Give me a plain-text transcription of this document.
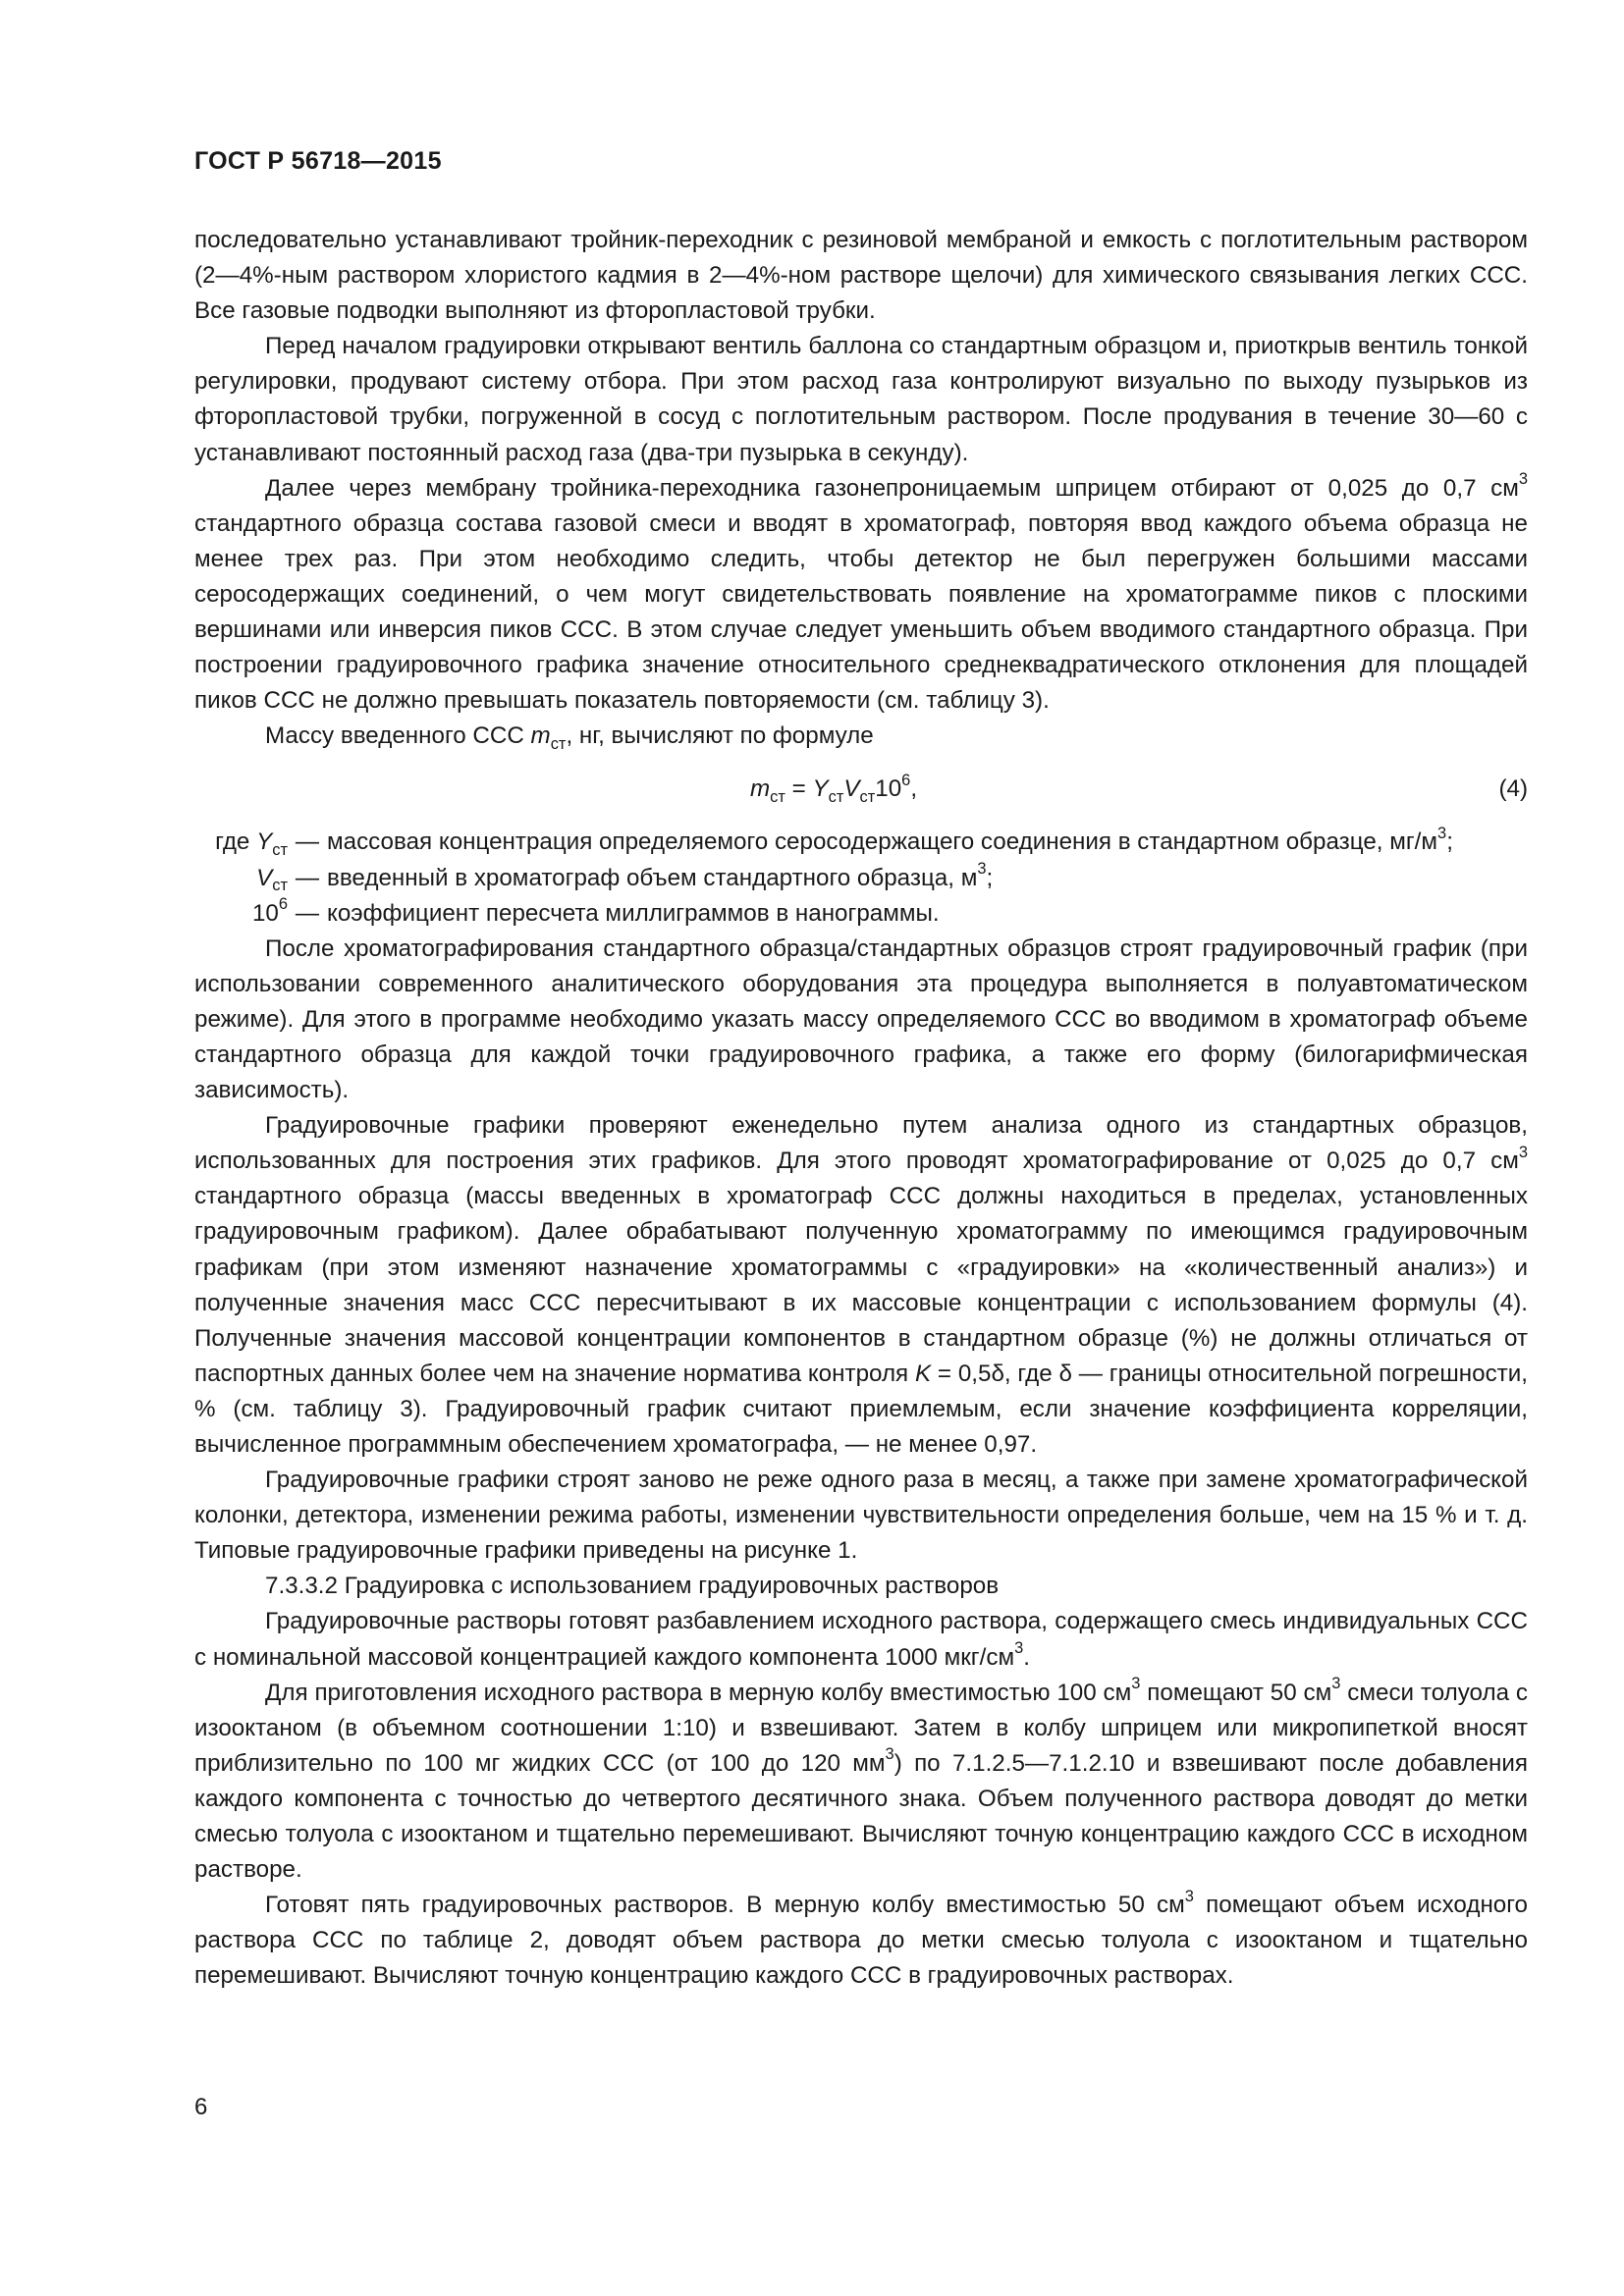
ГОСТ Р 56718—2015

последовательно устанавливают тройник-переходник с резиновой мембраной и емкость с поглотительным раствором (2—4%-ным раствором хлористого кадмия в 2—4%-ном растворе щелочи) для химического связывания легких ССС. Все газовые подводки выполняют из фторопластовой трубки.

Перед началом градуировки открывают вентиль баллона со стандартным образцом и, приоткрыв вентиль тонкой регулировки, продувают систему отбора. При этом расход газа контролируют визуально по выходу пузырьков из фторопластовой трубки, погруженной в сосуд с поглотительным раствором. После продувания в течение 30—60 с устанавливают постоянный расход газа (два-три пузырька в секунду).

Далее через мембрану тройника-переходника газонепроницаемым шприцем отбирают от 0,025 до 0,7 $см^3$ стандартного образца состава газовой смеси и вводят в хроматограф, повторяя ввод каждого объема образца не менее трех раз. При этом необходимо следить, чтобы детектор не был перегружен большими массами серосодержащих соединений, о чем могут свидетельствовать появление на хроматограмме пиков с плоскими вершинами или инверсия пиков ССС. В этом случае следует уменьшить объем вводимого стандартного образца. При построении градуировочного графика значение относительного среднеквадратического отклонения для площадей пиков ССС не должно превышать показатель повторяемости (см. таблицу 3).

Массу введенного ССС $m_{ст}$, нг, вычисляют по формуле

$m_{ст} = Y_{ст}V_{ст}10^6$,	(4)
где $Y_{ст}$ — массовая концентрация определяемого серосодержащего соединения в стандартном образце, $мг/м^3$;
$V_{ст}$ — введенный в хроматограф объем стандартного образца, $м^3$;
$10^6$ — коэффициент пересчета миллиграммов в нанограммы.

После хроматографирования стандартного образца/стандартных образцов строят градуировочный график (при использовании современного аналитического оборудования эта процедура выполняется в полуавтоматическом режиме). Для этого в программе необходимо указать массу определяемого ССС во вводимом в хроматограф объеме стандартного образца для каждой точки градуировочного графика, а также его форму (билогарифмическая зависимость).

Градуировочные графики проверяют еженедельно путем анализа одного из стандартных образцов, использованных для построения этих графиков. Для этого проводят хроматографирование от 0,025 до 0,7 $см^3$ стандартного образца (массы введенных в хроматограф ССС должны находиться в пределах, установленных градуировочным графиком). Далее обрабатывают полученную хроматограмму по имеющимся градуировочным графикам (при этом изменяют назначение хроматограммы с «градуировки» на «количественный анализ») и полученные значения масс ССС пересчитывают в их массовые концентрации с использованием формулы (4). Полученные значения массовой концентрации компонентов в стандартном образце (%) не должны отличаться от паспортных данных более чем на значение норматива контроля K = 0,5δ, где δ — границы относительной погрешности, % (см. таблицу 3). Градуировочный график считают приемлемым, если значение коэффициента корреляции, вычисленное программным обеспечением хроматографа, — не менее 0,97.

Градуировочные графики строят заново не реже одного раза в месяц, а также при замене хроматографической колонки, детектора, изменении режима работы, изменении чувствительности определения больше, чем на 15 % и т. д. Типовые градуировочные графики приведены на рисунке 1.

7.3.3.2 Градуировка с использованием градуировочных растворов

Градуировочные растворы готовят разбавлением исходного раствора, содержащего смесь индивидуальных ССС с номинальной массовой концентрацией каждого компонента 1000 мкг/$см^3$.

Для приготовления исходного раствора в мерную колбу вместимостью 100 $см^3$ помещают 50 $см^3$ смеси толуола с изооктаном (в объемном соотношении 1:10) и взвешивают. Затем в колбу шприцем или микропипеткой вносят приблизительно по 100 мг жидких ССС (от 100 до 120 $мм^3$) по 7.1.2.5—7.1.2.10 и взвешивают после добавления каждого компонента с точностью до четвертого десятичного знака. Объем полученного раствора доводят до метки смесью толуола с изооктаном и тщательно перемешивают. Вычисляют точную концентрацию каждого ССС в исходном растворе.

Готовят пять градуировочных растворов. В мерную колбу вместимостью 50 $см^3$ помещают объем исходного раствора ССС по таблице 2, доводят объем раствора до метки смесью толуола с изооктаном и тщательно перемешивают. Вычисляют точную концентрацию каждого ССС в градуировочных растворах.

6
